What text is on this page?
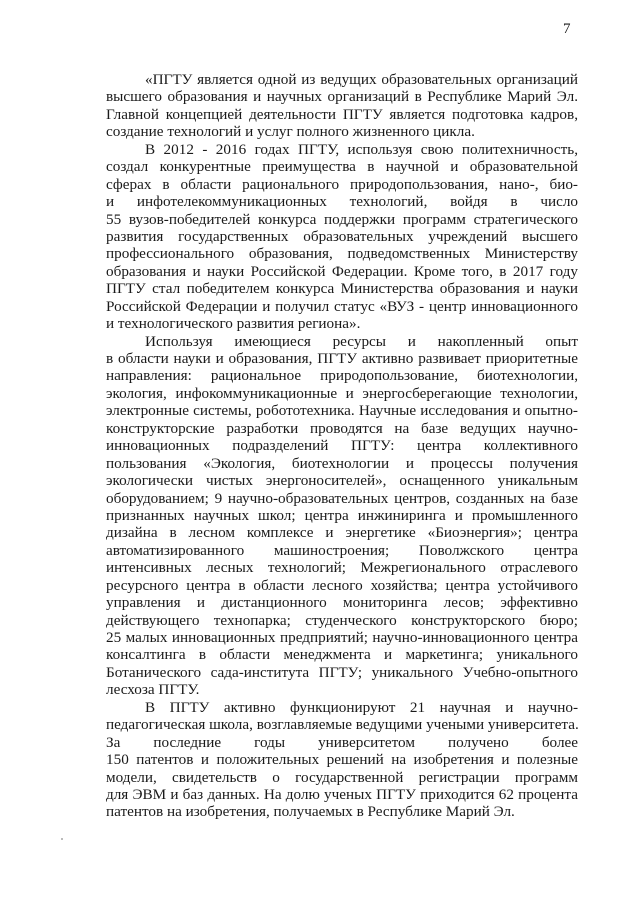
7
«ПГТУ является одной из ведущих образовательных организаций
высшего образования и научных организаций в Республике Марий Эл.
Главной концепцией деятельности ПГТУ является подготовка кадров,
создание технологий и услуг полного жизненного цикла.
В 2012 - 2016 годах ПГТУ, используя свою политехничность,
создал конкурентные преимущества в научной и образовательной
сферах в области рационального природопользования, нано-, био-
и инфотелекоммуникационных технологий, войдя в число
55 вузов-победителей конкурса поддержки программ стратегического
развития государственных образовательных учреждений высшего
профессионального образования, подведомственных Министерству
образования и науки Российской Федерации. Кроме того, в 2017 году
ПГТУ стал победителем конкурса Министерства образования и науки
Российской Федерации и получил статус «ВУЗ - центр инновационного
и технологического развития региона».
Используя имеющиеся ресурсы и накопленный опыт
в области науки и образования, ПГТУ активно развивает приоритетные
направления: рациональное природопользование, биотехнологии,
экология, инфокоммуникационные и энергосберегающие технологии,
электронные системы, робототехника. Научные исследования и опытно-
конструкторские разработки проводятся на базе ведущих научно-
инновационных подразделений ПГТУ: центра коллективного
пользования «Экология, биотехнологии и процессы получения
экологически чистых энергоносителей», оснащенного уникальным
оборудованием; 9 научно-образовательных центров, созданных на базе
признанных научных школ; центра инжиниринга и промышленного
дизайна в лесном комплексе и энергетике «Биоэнергия»; центра
автоматизированного машиностроения; Поволжского центра
интенсивных лесных технологий; Межрегионального отраслевого
ресурсного центра в области лесного хозяйства; центра устойчивого
управления и дистанционного мониторинга лесов; эффективно
действующего технопарка; студенческого конструкторского бюро;
25 малых инновационных предприятий; научно-инновационного центра
консалтинга в области менеджмента и маркетинга; уникального
Ботанического сада-института ПГТУ; уникального Учебно-опытного
лесхоза ПГТУ.
В ПГТУ активно функционируют 21 научная и научно-
педагогическая школа, возглавляемые ведущими учеными университета.
За последние годы университетом получено более
150 патентов и положительных решений на изобретения и полезные
модели, свидетельств о государственной регистрации программ
для ЭВМ и баз данных. На долю ученых ПГТУ приходится 62 процента
патентов на изобретения, получаемых в Республике Марий Эл.
